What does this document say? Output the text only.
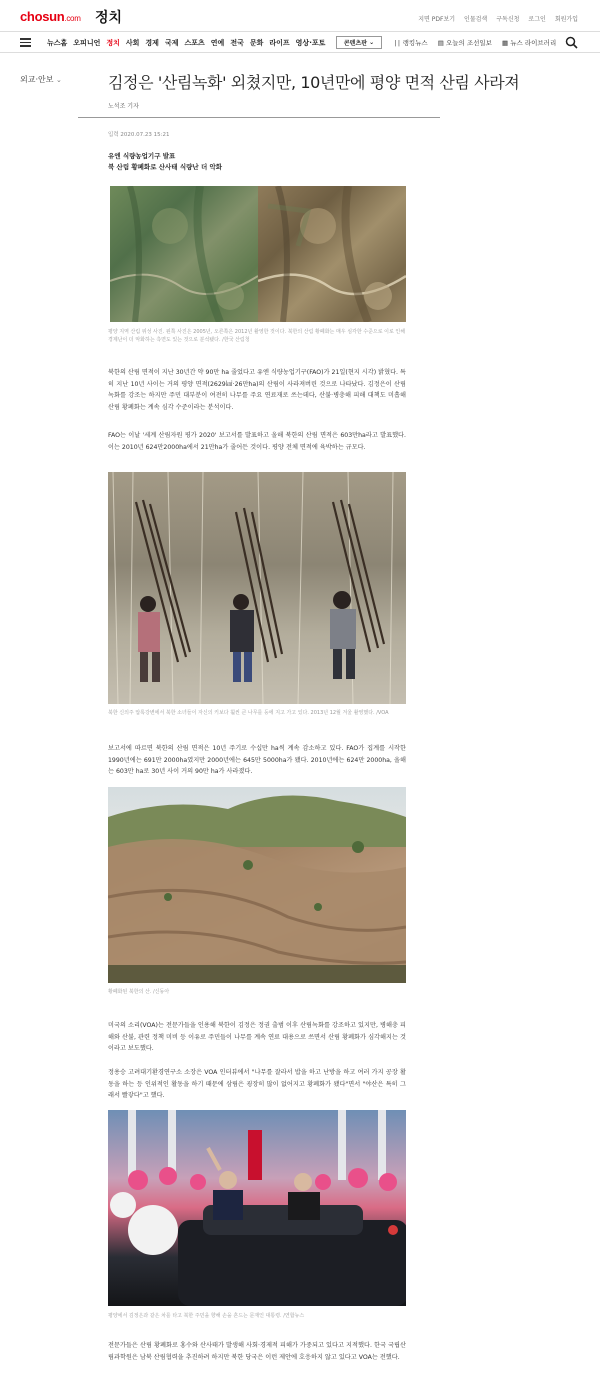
chosun.com 정치	지면 PDF보기 인물검색 구독신청 로그인 회원가입
뉴스홈 오피니언 정치 사회 경제 국제 스포츠 연예 전국 문화 라이프 영상·포토	콘텐츠판 ⌄	∣∣ 랭킹뉴스 ▤ 오늘의 조선일보 ▦ 뉴스 라이브러리
외교·안보 ⌄	김정은 '산림녹화' 외쳤지만, 10년만에 평양 면적 산림 사라져
노석조 기자
입력 2020.07.23 15:21
유엔 식량농업기구 발표
북 산림 황폐화로 산사태 식량난 더 악화
평양 지역 산림 위성 사진. 왼쪽 사진은 2005년, 오른쪽은 2012년 촬영한 것이다. 북한의 산림 황폐화는 매우 심각한 수준으로 이로 인해 경제난이 더 악화하는 측면도 있는 것으로 분석됐다. /한국 산림청

북한의 산림 면적이 지난 30년간 약 90만 ha 줄었다고 유엔 식량농업기구(FAO)가 21일(현지 시각) 밝혔다. 특히 지난 10년 사이는 거의 평양 면적(2629㎢·26만ha)의 산림이 사라져버린 것으로 나타났다. 김정은이 산림녹화를 강조는 하지만 주민 대부분이 여전히 나무를 주요 연료재로 쓰는데다, 산불·병충해 피해 대책도 미흡해 산림 황폐화는 계속 심각 수준이라는 분석이다.

FAO는 이날 '세계 산림자원 평가 2020' 보고서를 발표하고 올해 북한의 산림 면적은 603만ha라고 발표했다. 이는 2010년 624만2000ha에서 21만ha가 줄어든 것이다. 평양 전체 면적에 육박하는 규모다.

북한 신의주 압록강변에서 북한 소녀들이 자신의 키보다 훨씬 큰 나무를 등에 지고 가고 있다. 2013년 12월 겨울 촬영했다. /VOA

보고서에 따르면 북한의 산림 면적은 10년 주기로 수십만 ha씩 계속 감소하고 있다. FAO가 집계를 시작한 1990년에는 691만 2000ha였지만 2000년에는 645만 5000ha가 됐다. 2010년에는 624만 2000ha, 올해는 603만 ha로 30년 사이 거의 90만 ha가 사라졌다.

황폐화된 북한의 산. /신동아

미국의 소리(VOA)는 전문가들을 인용해 북한이 김정은 정권 출범 이후 산림녹화를 강조하고 있지만, 병해충 피해와 산불, 관련 정책 미비 등 이유로 주민들이 나무를 계속 연료 대용으로 쓰면서 산림 황폐화가 심각해지는 것이라고 보도했다.

정용승 고려대기환경연구소 소장은 VOA 인터뷰에서 "나무를 잘라서 밥을 하고 난방을 하고 여러 가지 공장 활동을 하는 등 인위적인 활동을 하기 때문에 삼림은 굉장히 많이 없어지고 황폐화가 됐다"면서 "야산은 특히 그래서 빨갛다"고 했다.

평양에서 김정은과 같은 차를 타고 북한 주민을 향해 손을 흔드는 문재인 대통령. /연합뉴스

전문가들은 산림 황폐화로 홍수와 산사태가 발생해 사회·경제적 피해가 가중되고 있다고 지적했다. 한국 국립산림과학원은 남북 산림협력을 추진하려 하지만 북한 당국은 이런 제안에 호응하지 않고 있다고 VOA는 전했다.
